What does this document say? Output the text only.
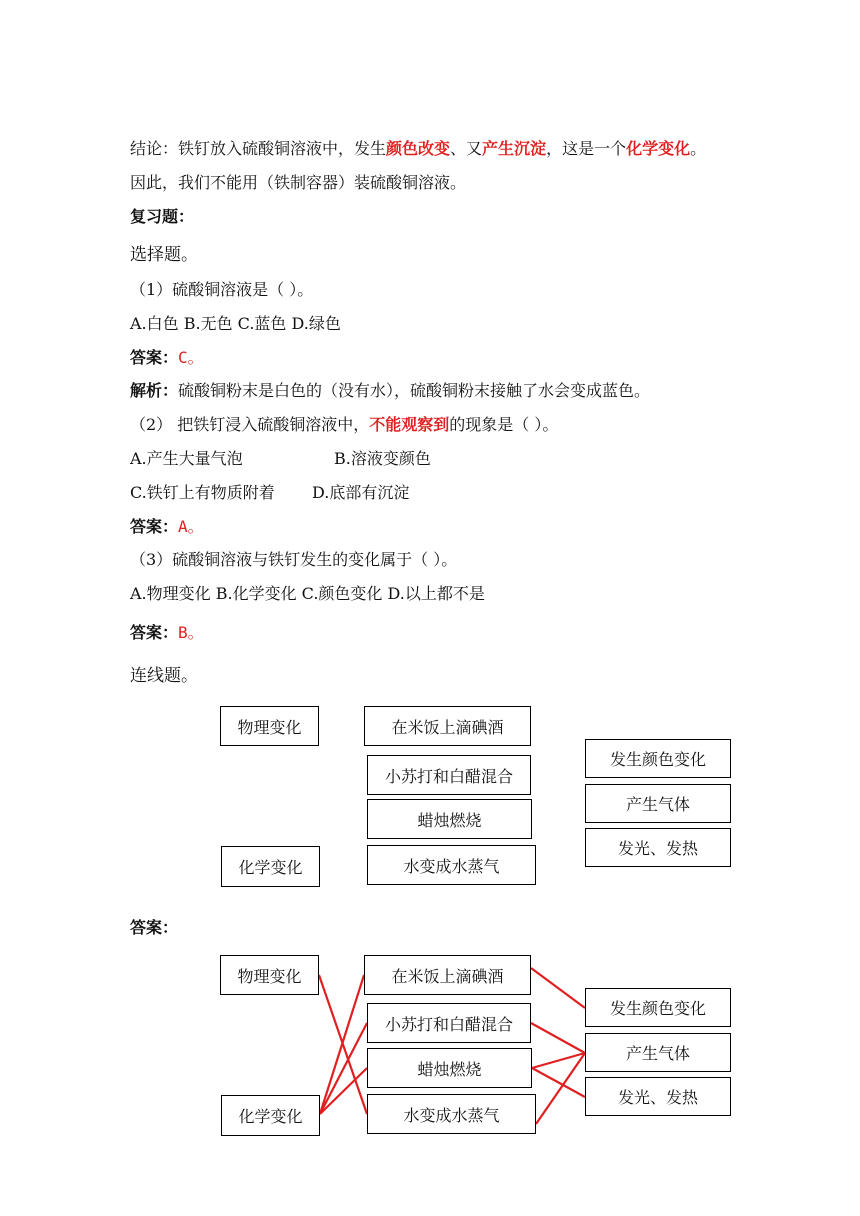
结论：铁钉放入硫酸铜溶液中，发生颜色改变、又产生沉淀，这是一个化学变化。
因此，我们不能用（铁制容器）装硫酸铜溶液。
复习题：
选择题。
（1）硫酸铜溶液是（ ）。
A.白色 B.无色 C.蓝色 D.绿色
答案：C。
解析：硫酸铜粉末是白色的（没有水），硫酸铜粉末接触了水会变成蓝色。
（2） 把铁钉浸入硫酸铜溶液中，不能观察到的现象是（ ）。
A.产生大量气泡	B.溶液变颜色
C.铁钉上有物质附着 D.底部有沉淀
答案：A。
（3）硫酸铜溶液与铁钉发生的变化属于（ ）。
A.物理变化 B.化学变化 C.颜色变化 D.以上都不是
答案：B。
连线题。
物理变化
化学变化
在米饭上滴碘酒
小苏打和白醋混合
蜡烛燃烧
水变成水蒸气
发生颜色变化
产生气体
发光、发热
答案：
物理变化
化学变化
在米饭上滴碘酒
小苏打和白醋混合
蜡烛燃烧
水变成水蒸气
发生颜色变化
产生气体
发光、发热
